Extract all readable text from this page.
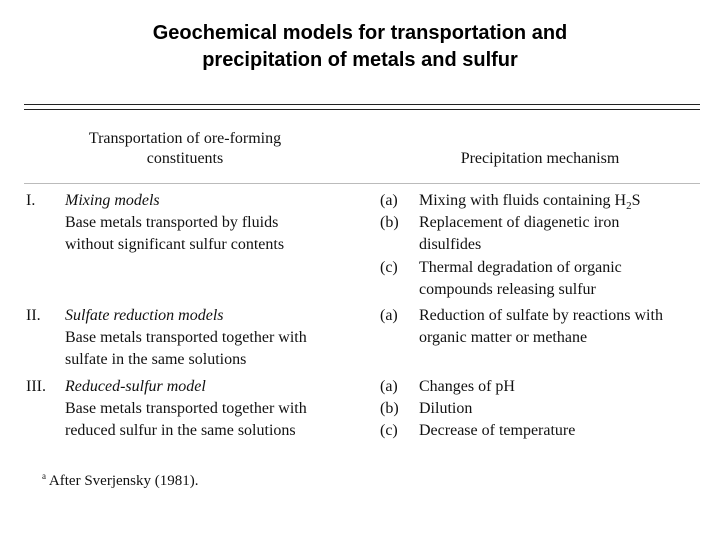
Geochemical models for transportation and
precipitation of metals and sulfur
Transportation of ore-forming
constituents	Precipitation mechanism
I. Mixing models
Base metals transported by fluids
without significant sulfur contents
(a) Mixing with fluids containing $H_2S$
(b) Replacement of diagenetic iron
disulfides
(c) Thermal degradation of organic
compounds releasing sulfur
II. Sulfate reduction models
Base metals transported together with
sulfate in the same solutions
(a) Reduction of sulfate by reactions with
organic matter or methane
III. Reduced-sulfur model
Base metals transported together with
reduced sulfur in the same solutions
(a) Changes of pH
(b) Dilution
(c) Decrease of temperature
$^a$ After Sverjensky (1981).
